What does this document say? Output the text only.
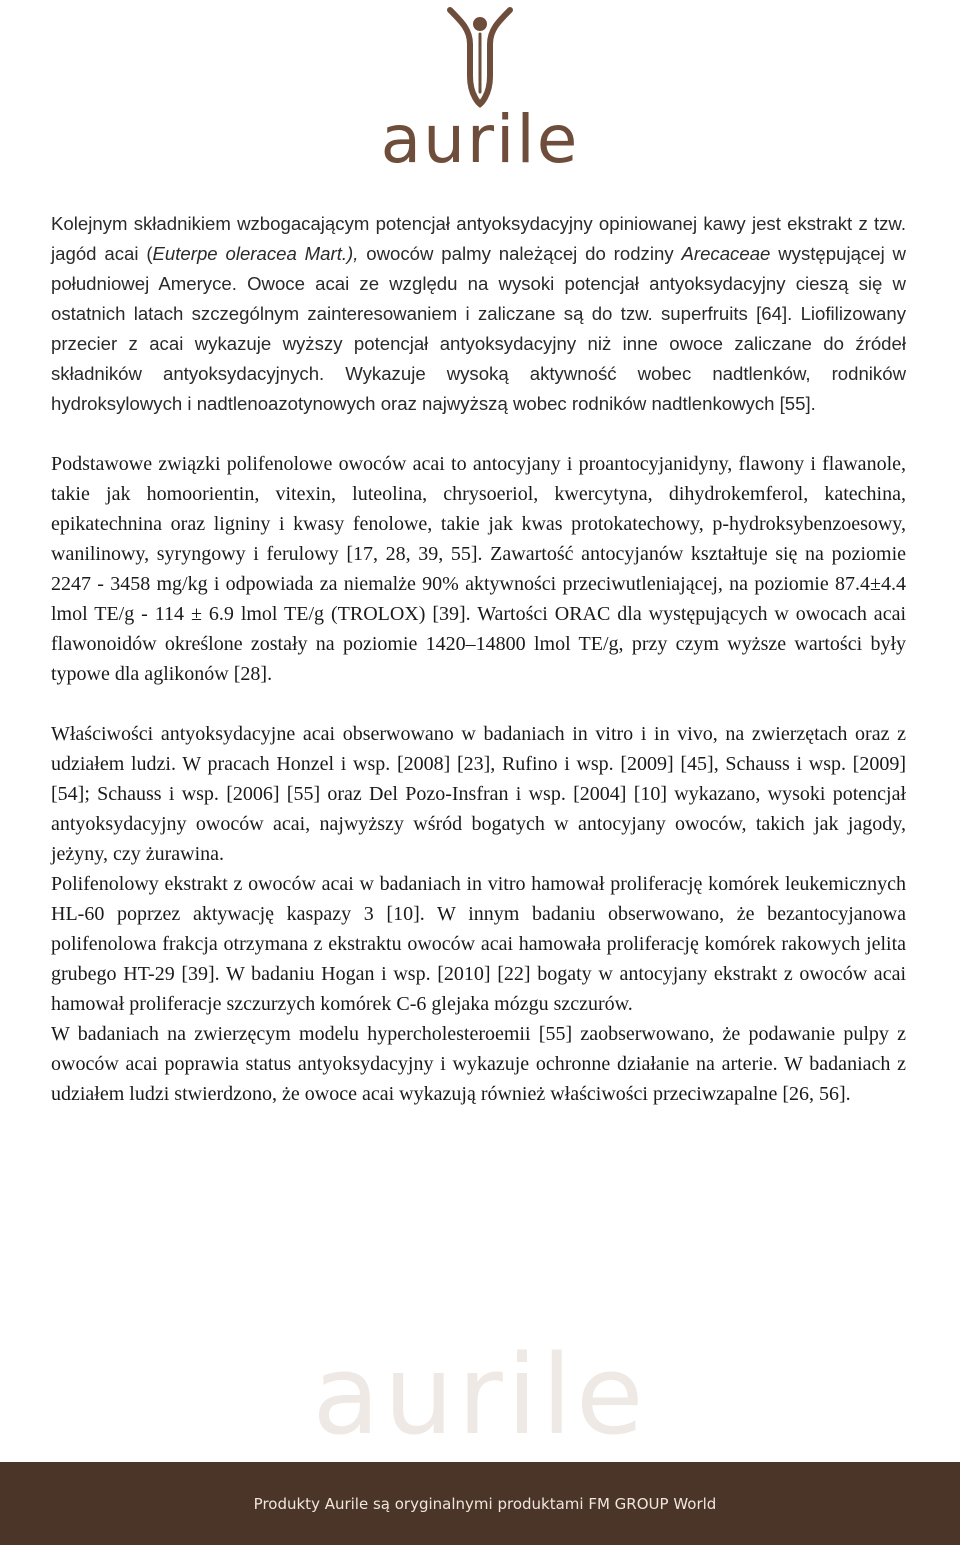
aurile

Kolejnym składnikiem wzbogacającym potencjał antyoksydacyjny opiniowanej kawy jest ekstrakt z tzw. jagód acai (Euterpe oleracea Mart.), owoców palmy należącej do rodziny Arecaceae występującej w południowej Ameryce. Owoce acai ze względu na wysoki potencjał antyoksydacyjny cieszą się w ostatnich latach szczególnym zainteresowaniem i zaliczane są do tzw. superfruits [64]. Liofilizowany przecier z acai wykazuje wyższy potencjał antyoksydacyjny niż inne owoce zaliczane do źródeł składników antyoksydacyjnych. Wykazuje wysoką aktywność wobec nadtlenków, rodników hydroksylowych i nadtlenoazotynowych oraz najwyższą wobec rodników nadtlenkowych [55].

Podstawowe związki polifenolowe owoców acai to antocyjany i proantocyjanidyny, flawony i flawanole, takie jak homoorientin, vitexin, luteolina, chrysoeriol, kwercytyna, dihydrokemferol, katechina, epikatechnina oraz ligniny i kwasy fenolowe, takie jak kwas protokatechowy, p-hydroksybenzoesowy, wanilinowy, syryngowy i ferulowy [17, 28, 39, 55]. Zawartość antocyjanów kształtuje się na poziomie 2247 - 3458 mg/kg i odpowiada za niemalże 90% aktywności przeciwutleniającej, na poziomie 87.4±4.4 lmol TE/g - 114 ± 6.9 lmol TE/g (TROLOX) [39]. Wartości ORAC dla występujących w owocach acai flawonoidów określone zostały na poziomie 1420–14800 lmol TE/g, przy czym wyższe wartości były typowe dla aglikonów [28].

Właściwości antyoksydacyjne acai obserwowano w badaniach in vitro i in vivo, na zwierzętach oraz z udziałem ludzi. W pracach Honzel i wsp. [2008] [23], Rufino i wsp. [2009] [45], Schauss i wsp. [2009] [54]; Schauss i wsp. [2006] [55] oraz Del Pozo-Insfran i wsp. [2004] [10] wykazano, wysoki potencjał antyoksydacyjny owoców acai, najwyższy wśród bogatych w antocyjany owoców, takich jak jagody, jeżyny, czy żurawina.

Polifenolowy ekstrakt z owoców acai w badaniach in vitro hamował proliferację komórek leukemicznych HL-60 poprzez aktywację kaspazy 3 [10]. W innym badaniu obserwowano, że bezantocyjanowa polifenolowa frakcja otrzymana z ekstraktu owoców acai hamowała proliferację komórek rakowych jelita grubego HT-29 [39]. W badaniu Hogan i wsp. [2010] [22] bogaty w antocyjany ekstrakt z owoców acai hamował proliferacje szczurzych komórek C-6 glejaka mózgu szczurów.

W badaniach na zwierzęcym modelu hypercholesteroemii [55] zaobserwowano, że podawanie pulpy z owoców acai poprawia status antyoksydacyjny i wykazuje ochronne działanie na arterie. W badaniach z udziałem ludzi stwierdzono, że owoce acai wykazują również właściwości przeciwzapalne [26, 56].

aurile
Produkty Aurile są oryginalnymi produktami FM GROUP World
